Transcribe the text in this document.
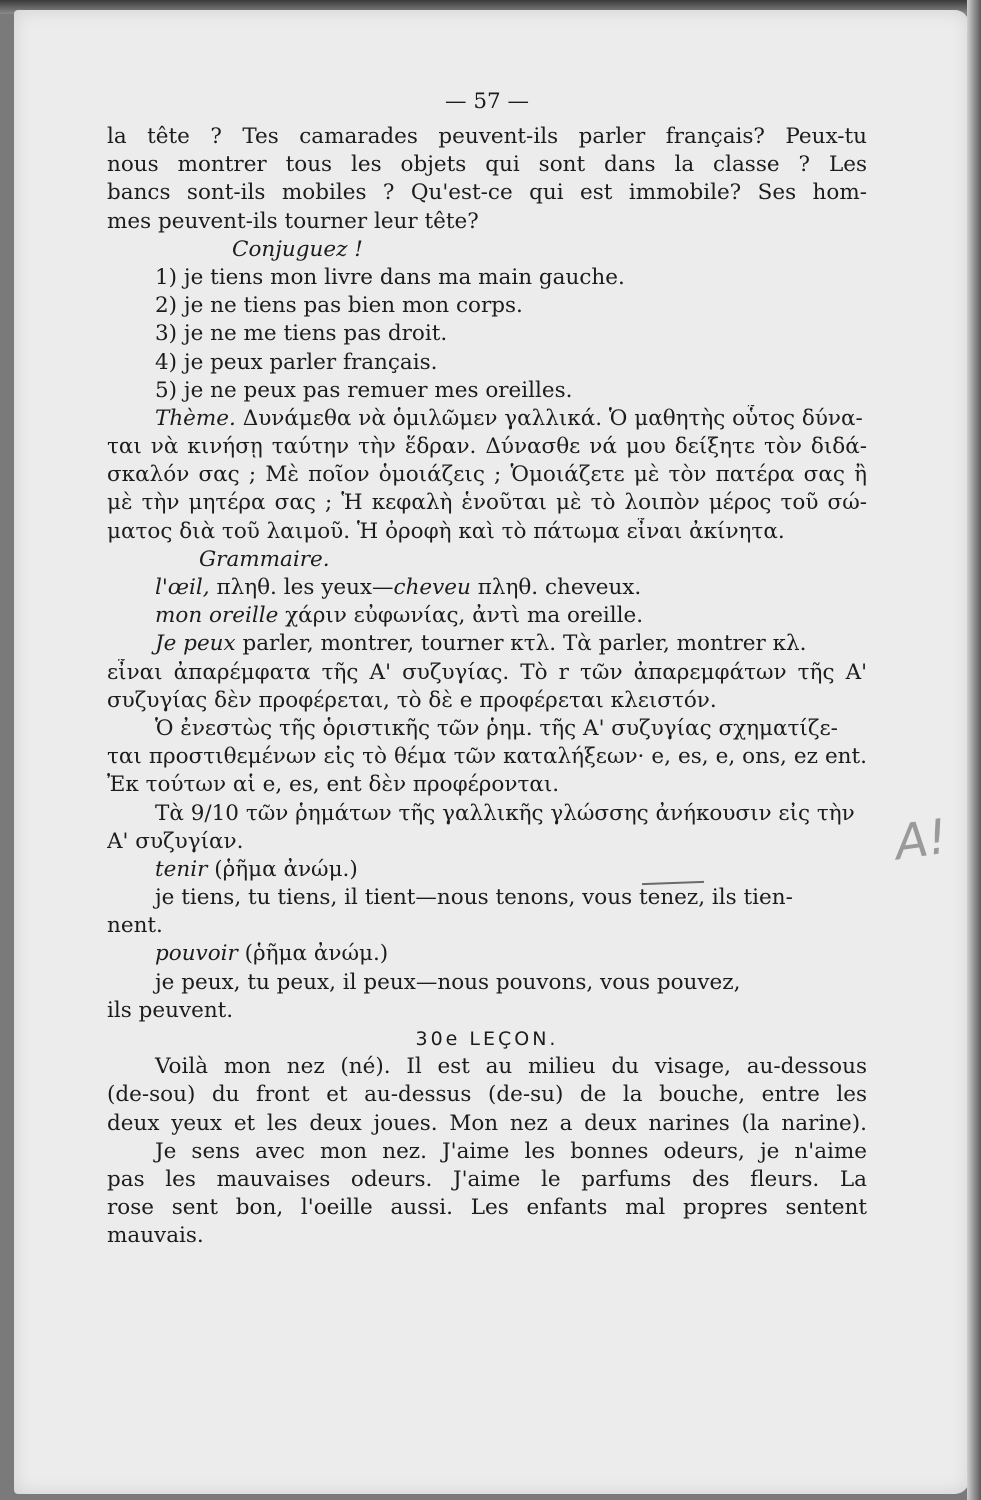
— 57 —
la tête ? Tes camarades peuvent-ils parler français? Peux-tu
nous montrer tous les objets qui sont dans la classe ? Les
bancs sont-ils mobiles ? Qu'est-ce qui est immobile? Ses hom-
mes peuvent-ils tourner leur tête?
Conjuguez !
1) je tiens mon livre dans ma main gauche.
2) je ne tiens pas bien mon corps.
3) je ne me tiens pas droit.
4) je peux parler français.
5) je ne peux pas remuer mes oreilles.
Thème. Δυνάμεθα νὰ ὁμιλῶμεν γαλλικά. Ὁ μαθητὴς οὗτος δύνα-
ται νὰ κινήσῃ ταύτην τὴν ἕδραν. Δύνασθε νά μου δείξητε τὸν διδά-
σκαλόν σας ; Μὲ ποῖον ὁμοιάζεις ; Ὁμοιάζετε μὲ τὸν πατέρα σας ἢ
μὲ τὴν μητέρα σας ; Ἡ κεφαλὴ ἑνοῦται μὲ τὸ λοιπὸν μέρος τοῦ σώ-
ματος διὰ τοῦ λαιμοῦ. Ἡ ὀροφὴ καὶ τὸ πάτωμα εἶναι ἀκίνητα.
Grammaire.
l'œil, πληθ. les yeux—cheveu πληθ. cheveux.
mon oreille χάριν εὐφωνίας, ἀντὶ ma oreille.
Je peux parler, montrer, tourner κτλ. Τὰ parler, montrer κλ.
εἶναι ἀπαρέμφατα τῆς Α' συζυγίας. Τὸ r τῶν ἀπαρεμφάτων τῆς Α'
συζυγίας δὲν προφέρεται, τὸ δὲ e προφέρεται κλειστόν.
Ὁ ἐνεστὼς τῆς ὁριστικῆς τῶν ῥημ. τῆς Α' συζυγίας σχηματίζε-
ται προστιθεμένων εἰς τὸ θέμα τῶν καταλήξεων· e, es, e, ons, ez ent.
Ἐκ τούτων αἱ e, es, ent δὲν προφέρονται.
Τὰ 9/10 τῶν ῥημάτων τῆς γαλλικῆς γλώσσης ἀνήκουσιν εἰς τὴν
Α' συζυγίαν.
tenir (ῥῆμα ἀνώμ.)
je tiens, tu tiens, il tient—nous tenons, vous tenez, ils tien-
nent.
pouvoir (ῥῆμα ἀνώμ.)
je peux, tu peux, il peux—nous pouvons, vous pouvez,
ils peuvent.
30e LEÇON.
Voilà mon nez (né). Il est au milieu du visage, au-dessous
(de-sou) du front et au-dessus (de-su) de la bouche, entre les
deux yeux et les deux joues. Mon nez a deux narines (la narine).
Je sens avec mon nez. J'aime les bonnes odeurs, je n'aime
pas les mauvaises odeurs. J'aime le parfums des fleurs. La
rose sent bon, l'oeille aussi. Les enfants mal propres sentent
mauvais.
A!
